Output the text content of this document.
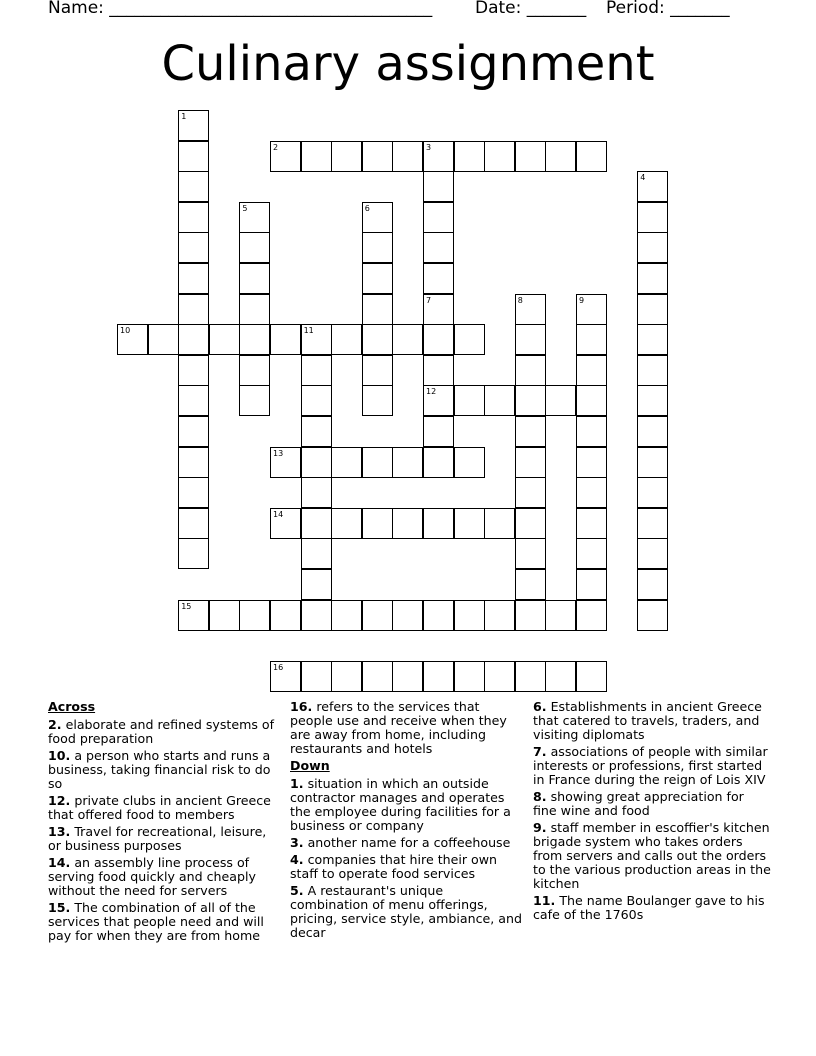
Name: ______________________________________	Date: _______ Period: _______
Culinary assignment
1
2	3
4
5	6
7
12
8	9
10	11
13
14
15
16
Across
2. elaborate and refined systems of food preparation
10. a person who starts and runs a business, taking financial risk to do so
12. private clubs in ancient Greece that offered food to members
13. Travel for recreational, leisure, or business purposes
14. an assembly line process of serving food quickly and cheaply without the need for servers
15. The combination of all of the services that people need and will pay for when they are from home
16. refers to the services that people use and receive when they are away from home, including restaurants and hotels
Down
1. situation in which an outside contractor manages and operates the employee during facilities for a business or company
3. another name for a coffeehouse
4. companies that hire their own staff to operate food services
5. A restaurant's unique combination of menu offerings, pricing, service style, ambiance, and decar
6. Establishments in ancient Greece that catered to travels, traders, and visiting diplomats
7. associations of people with similar interests or professions, first started in France during the reign of Lois XIV
8. showing great appreciation for fine wine and food
9. staff member in escoffier's kitchen brigade system who takes orders from servers and calls out the orders to the various production areas in the kitchen
11. The name Boulanger gave to his cafe of the 1760s
